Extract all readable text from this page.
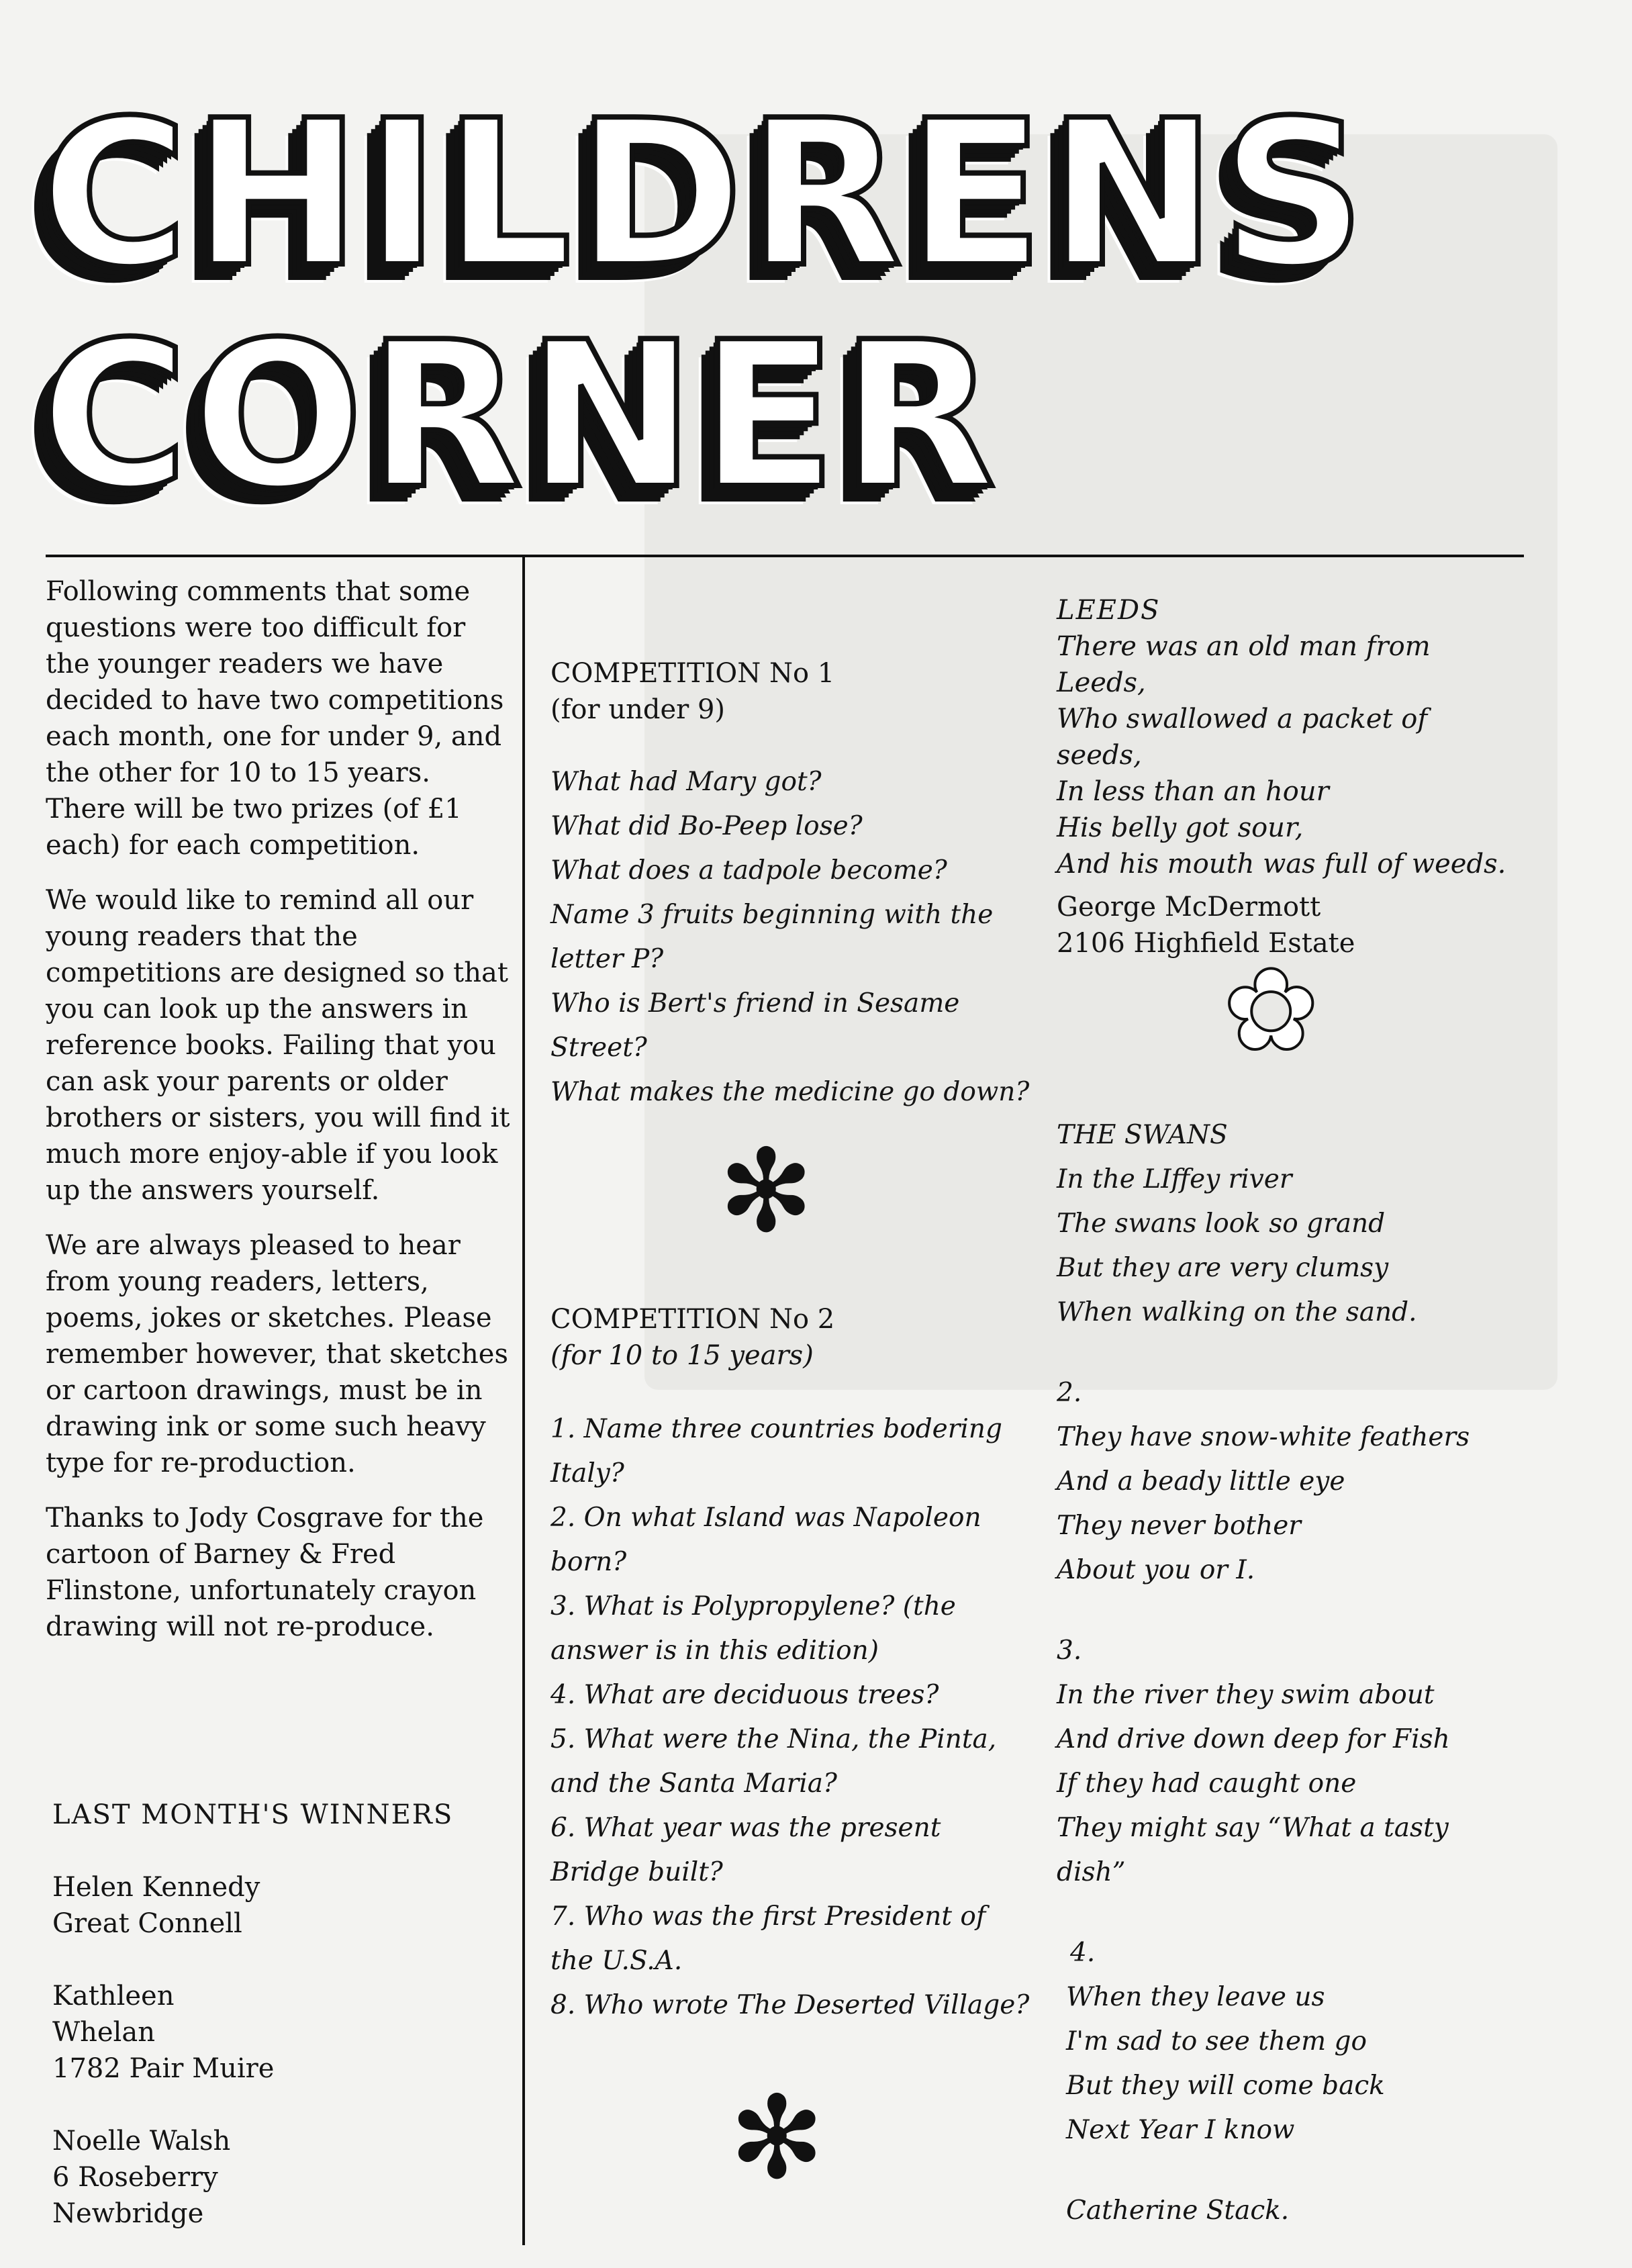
CHILDRENS
CORNER

Following comments that some questions were too difficult for the younger readers we have decided to have two competitions each month, one for under 9, and the other for 10 to 15 years. There will be two prizes (of £1 each) for each competition.

We would like to remind all our young readers that the competitions are designed so that you can look up the answers in reference books. Failing that you can ask your parents or older brothers or sisters, you will find it much more enjoy-able if you look up the answers yourself.

We are always pleased to hear from young readers, letters, poems, jokes or sketches. Please remember however, that sketches or cartoon drawings, must be in drawing ink or some such heavy type for re-production.

Thanks to Jody Cosgrave for the cartoon of Barney & Fred Flinstone, unfortunately crayon drawing will not re-produce.

LAST MONTH'S WINNERS
Helen Kennedy
Great Connell
Kathleen
Whelan
1782 Pair Muire
Noelle Walsh
6 Roseberry
Newbridge
COMPETITION No 1
(for under 9)
What had Mary got?
What did Bo-Peep lose?
What does a tadpole become?
Name 3 fruits beginning with the letter P?
Who is Bert's friend in Sesame Street?
What makes the medicine go down?
✻
COMPETITION No 2
(for 10 to 15 years)
1. Name three countries bodering Italy?
2. On what Island was Napoleon born?
3. What is Polypropylene? (the answer is in this edition)
4. What are deciduous trees?
5. What were the Nina, the Pinta, and the Santa Maria?
6. What year was the present Bridge built?
7. Who was the first President of the U.S.A.
8. Who wrote The Deserted Village?
✻
LEEDS
There was an old man from Leeds,
Who swallowed a packet of seeds,
In less than an hour
His belly got sour,
And his mouth was full of weeds.
George McDermott
2106 Highfield Estate
✿
THE SWANS
In the LIffey river
The swans look so grand
But they are very clumsy
When walking on the sand.
2.
They have snow-white feathers
And a beady little eye
They never bother
About you or I.
3.
In the river they swim about
And drive down deep for Fish
If they had caught one
They might say “What a tasty dish”
4.
When they leave us
I'm sad to see them go
But they will come back
Next Year I know
Catherine Stack.
